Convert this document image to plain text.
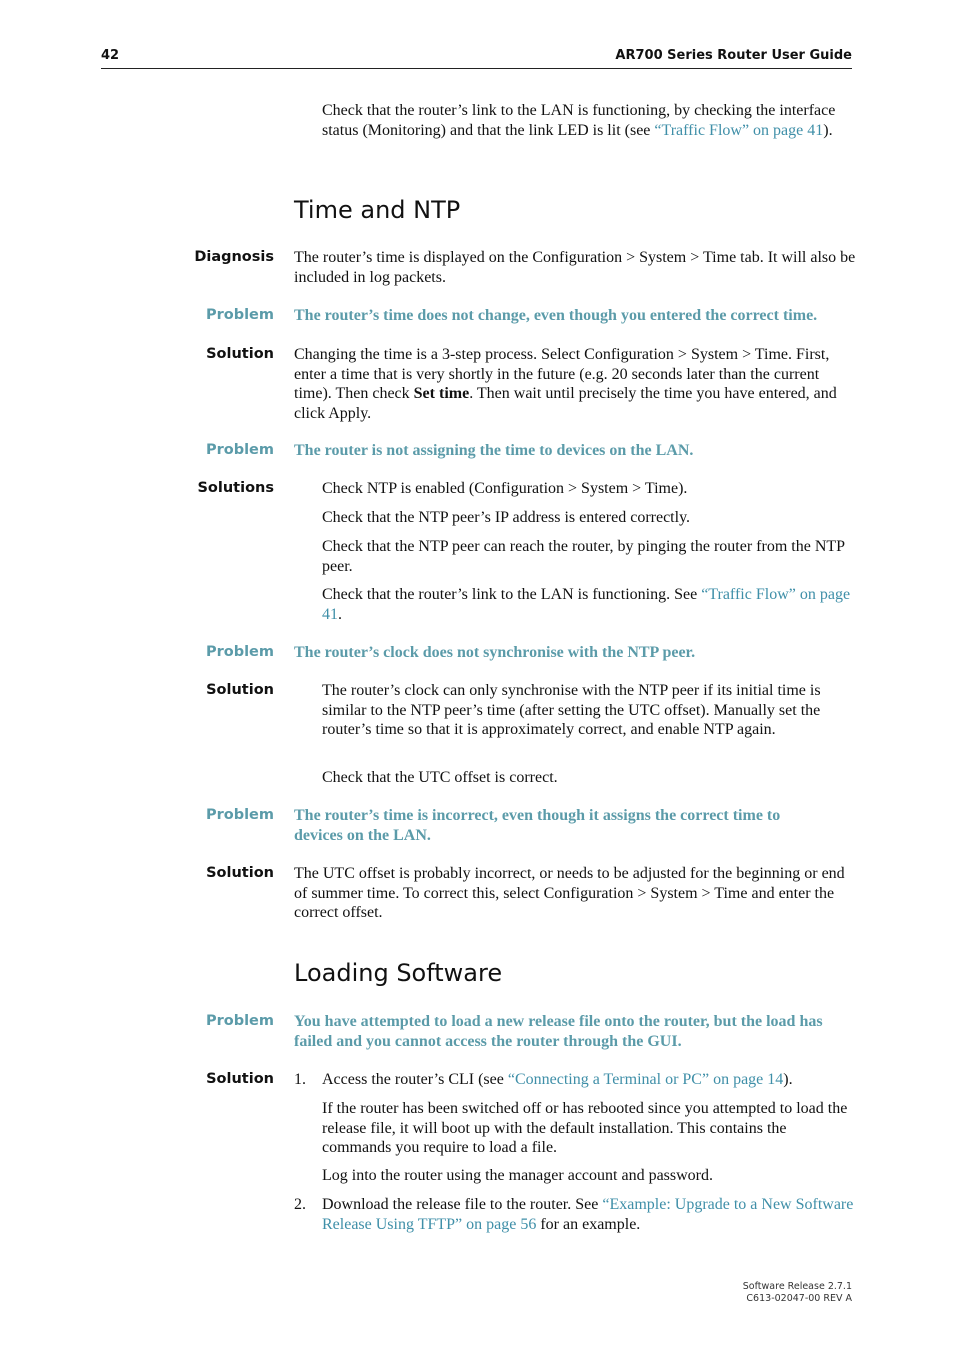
42	AR700 Series Router User Guide
Check that the router’s link to the LAN is functioning, by checking the interface status (Monitoring) and that the link LED is lit (see “Traffic Flow” on page 41).
Time and NTP
Diagnosis The router’s time is displayed on the Configuration > System > Time tab. It will also be included in log packets.
Problem The router’s time does not change, even though you entered the correct time.
Solution Changing the time is a 3-step process. Select Configuration > System > Time. First, enter a time that is very shortly in the future (e.g. 20 seconds later than the current time). Then check Set time. Then wait until precisely the time you have entered, and click Apply.
Problem The router is not assigning the time to devices on the LAN.
Solutions	Check NTP is enabled (Configuration > System > Time).
Check that the NTP peer’s IP address is entered correctly.
Check that the NTP peer can reach the router, by pinging the router from the NTP peer.
Check that the router’s link to the LAN is functioning. See “Traffic Flow” on page 41.
Problem The router’s clock does not synchronise with the NTP peer.
Solution	The router’s clock can only synchronise with the NTP peer if its initial time is similar to the NTP peer’s time (after setting the UTC offset). Manually set the router’s time so that it is approximately correct, and enable NTP again.
Check that the UTC offset is correct.
Problem The router’s time is incorrect, even though it assigns the correct time to devices on the LAN.
Solution The UTC offset is probably incorrect, or needs to be adjusted for the beginning or end of summer time. To correct this, select Configuration > System > Time and enter the correct offset.
Loading Software
Problem You have attempted to load a new release file onto the router, but the load has failed and you cannot access the router through the GUI.
Solution 1. Access the router’s CLI (see “Connecting a Terminal or PC” on page 14).
If the router has been switched off or has rebooted since you attempted to load the release file, it will boot up with the default installation. This contains the commands you require to load a file.
Log into the router using the manager account and password.
2. Download the release file to the router. See “Example: Upgrade to a New Software Release Using TFTP” on page 56 for an example.
Software Release 2.7.1
C613-02047-00 REV A
